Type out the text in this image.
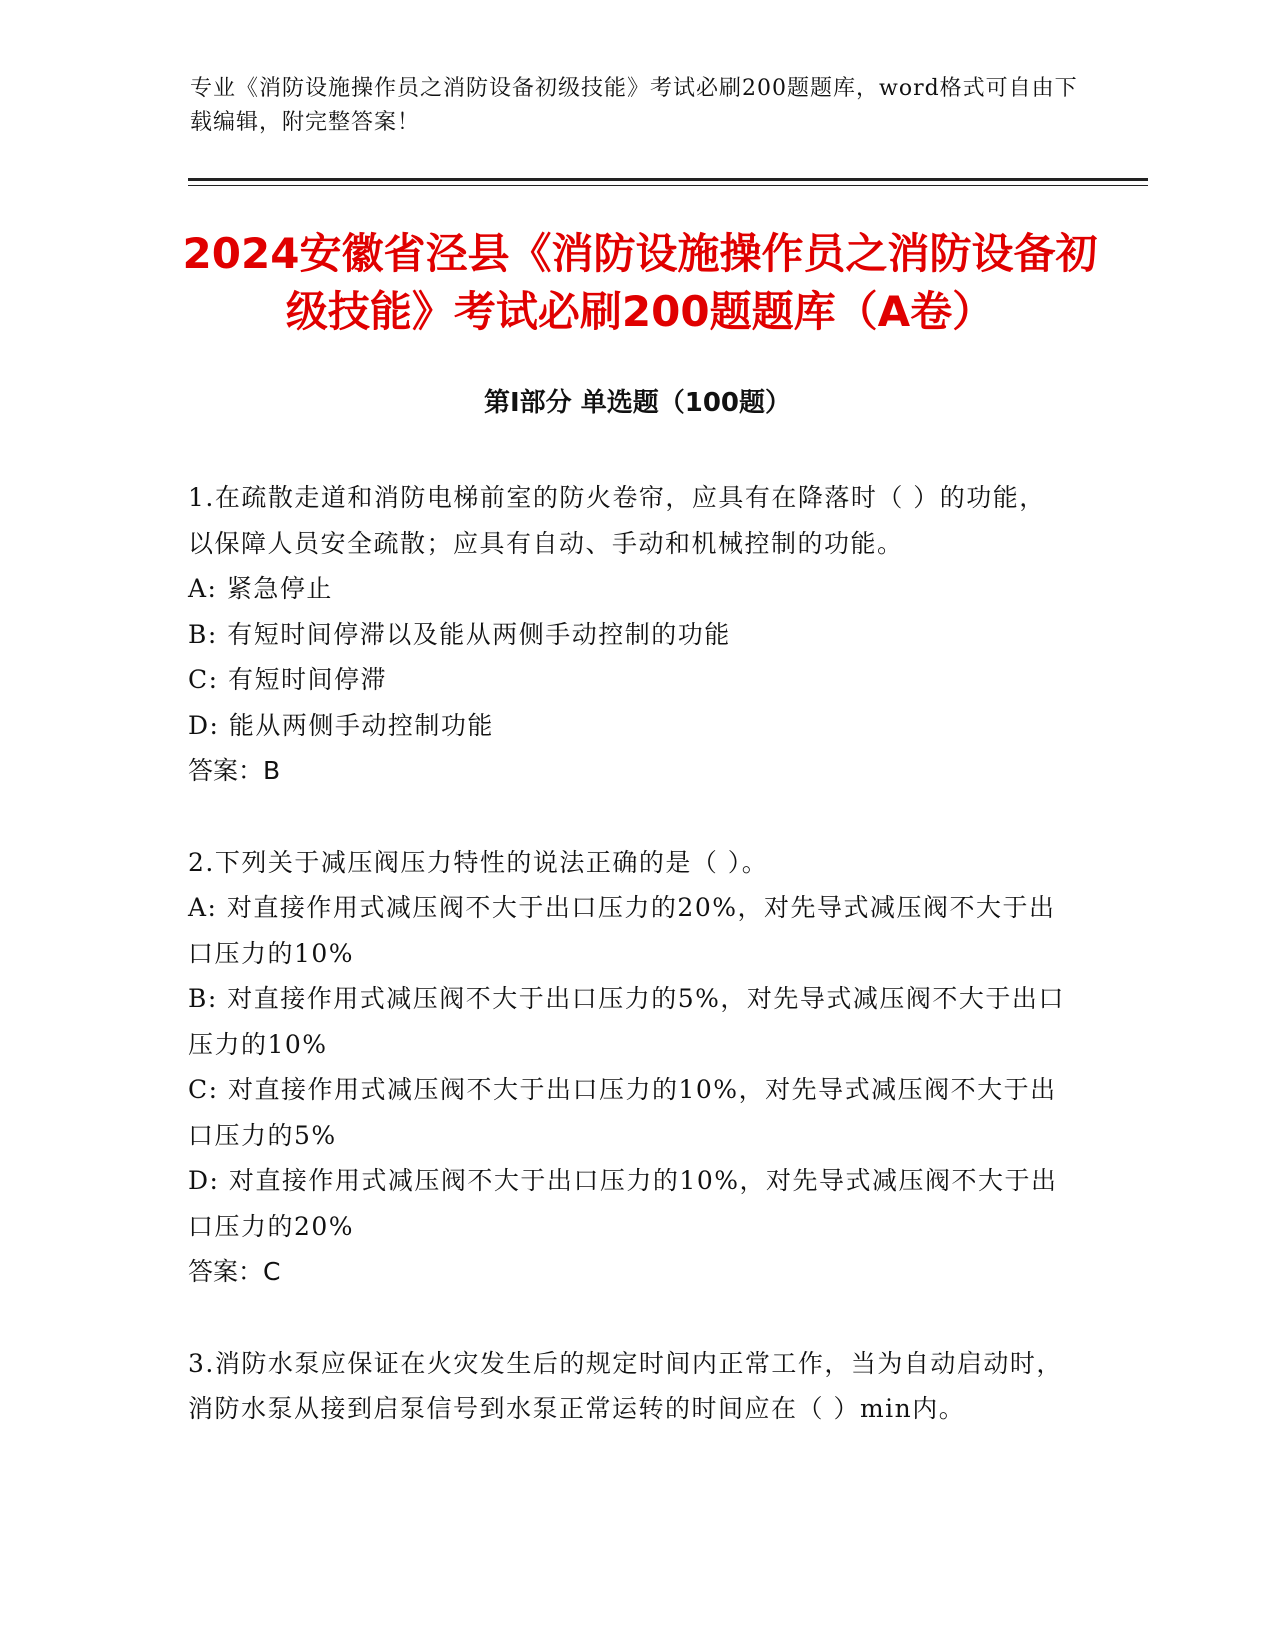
专业《消防设施操作员之消防设备初级技能》考试必刷200题题库，word格式可自由下载编辑，附完整答案！
2024安徽省泾县《消防设施操作员之消防设备初级技能》考试必刷200题题库（A卷）
第Ⅰ部分 单选题（100题）

1.在疏散走道和消防电梯前室的防火卷帘，应具有在降落时（ ）的功能，以保障人员安全疏散；应具有自动、手动和机械控制的功能。

A: 紧急停止

B: 有短时间停滞以及能从两侧手动控制的功能

C: 有短时间停滞

D: 能从两侧手动控制功能

答案：B

2.下列关于减压阀压力特性的说法正确的是（ ）。

A: 对直接作用式减压阀不大于出口压力的20%，对先导式减压阀不大于出口压力的10%

B: 对直接作用式减压阀不大于出口压力的5%，对先导式减压阀不大于出口压力的10%

C: 对直接作用式减压阀不大于出口压力的10%，对先导式减压阀不大于出口压力的5%

D: 对直接作用式减压阀不大于出口压力的10%，对先导式减压阀不大于出口压力的20%

答案：C

3.消防水泵应保证在火灾发生后的规定时间内正常工作，当为自动启动时，消防水泵从接到启泵信号到水泵正常运转的时间应在（ ）min内。
